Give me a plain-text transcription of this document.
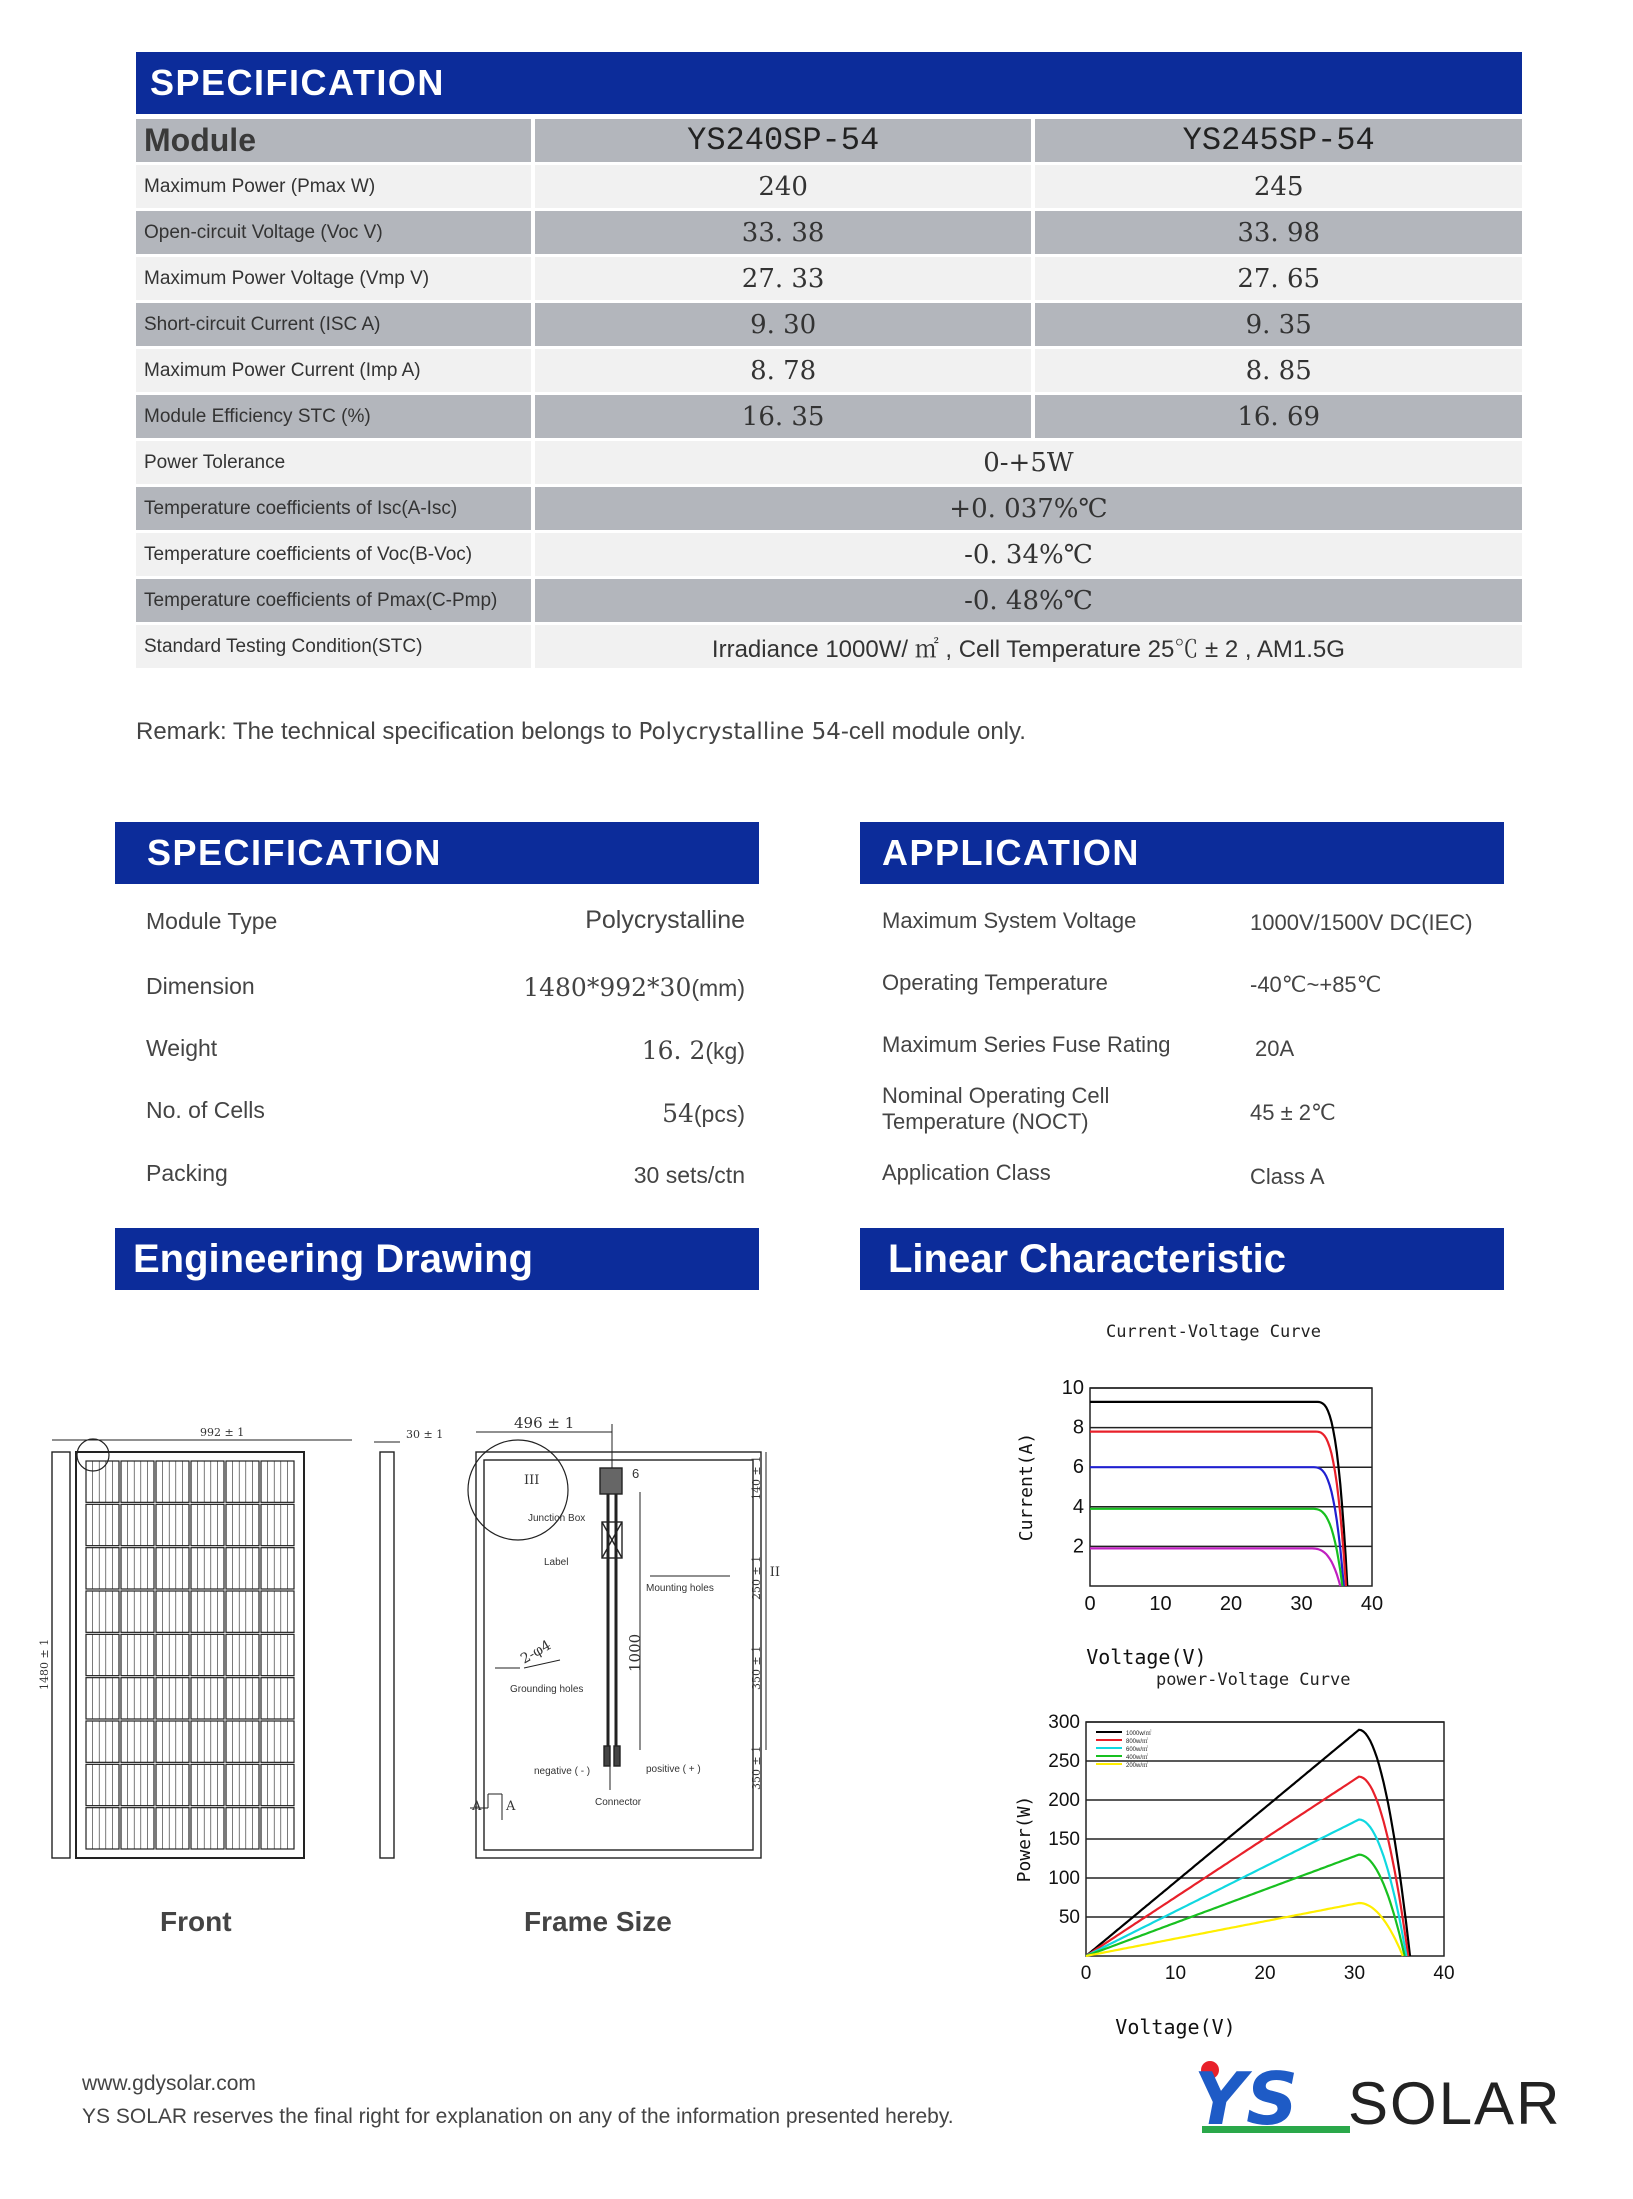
SPECIFICATION
Module		YS240SP-54		YS245SP-54
Maximum Power (Pmax W)		240		245
Open-circuit Voltage (Voc V)		33. 38		33. 98
Maximum Power Voltage (Vmp V)		27. 33		27. 65
Short-circuit Current (ISC A)		9. 30		9. 35
Maximum Power Current (Imp A)		8. 78		8. 85
Module Efficiency STC (%)		16. 35		16. 69
Power Tolerance		0-+5W		
Temperature coefficients of Isc(A-Isc)		+0. 037%℃		
Temperature coefficients of Voc(B-Voc)		-0. 34%℃		
Temperature coefficients of Pmax(C-Pmp)		-0. 48%℃		
Standard Testing Condition(STC)		Irradiance 1000W/ ㎡ , Cell Temperature 25℃ ± 2 , AM1.5G		
Remark: The technical specification belongs to Polycrystalline 54-cell module only.
SPECIFICATION
Module Type	Polycrystalline
Dimension	1480*992*30(mm)
Weight	16. 2(kg)
No. of Cells	54(pcs)
Packing	30 sets/ctn
APPLICATION
Maximum System Voltage	1000V/1500V DC(IEC)
Operating Temperature	-40℃~+85℃
Maximum Series Fuse Rating	20A
Nominal Operating Cell
Temperature (NOCT)	45 ± 2℃
Application Class	Class A
Engineering Drawing
992 ± 1	30 ± 1
496 ± 1
1480 ± 1	1000
140 ± 1
250 ± 1
350 ± 1
350 ± 1
2-φ4
III
II
A A
Junction Box
6
Label
Mounting holes
Grounding holes
negative ( - )	positive ( + )
Connector
Front	Frame Size
Linear Characteristic
Current-Voltage Curve
2
4
6
8
10
0	10 20 30 40
Voltage(V)
Current(A)
power-Voltage Curve
50
100
150
200
250
300
0	10	20	30	40
Voltage(V)
Power(W)
1000w/㎡
800w/㎡
600w/㎡
400w/㎡
200w/㎡
www.gdysolar.com
YS SOLAR reserves the final right for explanation on any of the information presented hereby.	YS SOLAR
